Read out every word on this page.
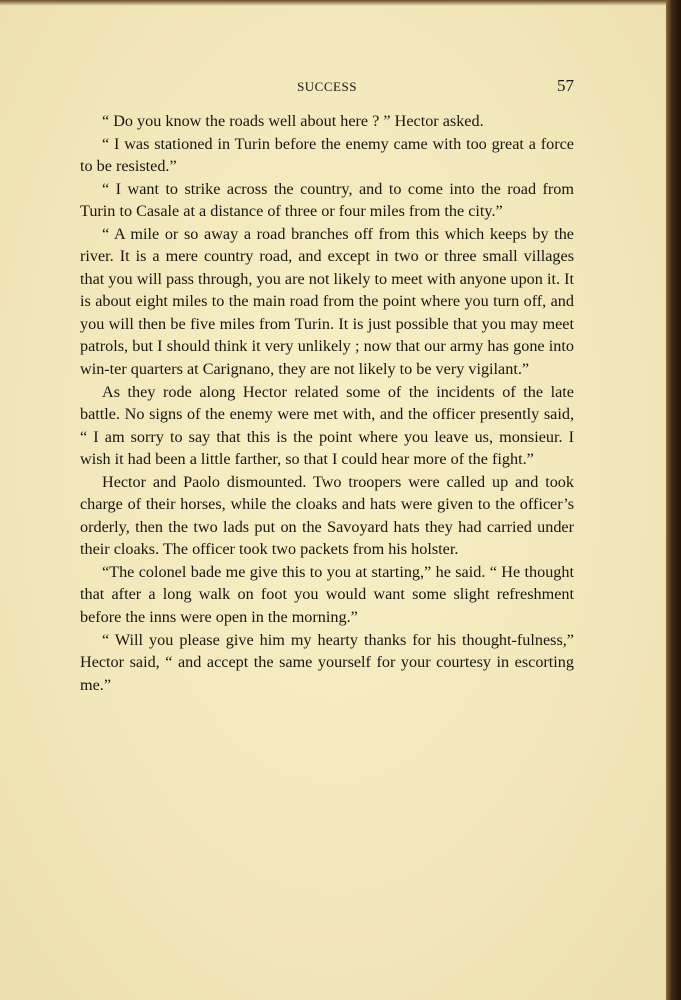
SUCCESS	57

“ Do you know the roads well about here ? ” Hector asked.

“ I was stationed in Turin before the enemy came with too great a force to be resisted.”

“ I want to strike across the country, and to come into the road from Turin to Casale at a distance of three or four miles from the city.”

“ A mile or so away a road branches off from this which keeps by the river. It is a mere country road, and except in two or three small villages that you will pass through, you are not likely to meet with anyone upon it. It is about eight miles to the main road from the point where you turn off, and you will then be five miles from Turin. It is just possible that you may meet patrols, but I should think it very unlikely ; now that our army has gone into win-ter quarters at Carignano, they are not likely to be very vigilant.”

As they rode along Hector related some of the incidents of the late battle. No signs of the enemy were met with, and the officer presently said, “ I am sorry to say that this is the point where you leave us, monsieur. I wish it had been a little farther, so that I could hear more of the fight.”

Hector and Paolo dismounted. Two troopers were called up and took charge of their horses, while the cloaks and hats were given to the officer’s orderly, then the two lads put on the Savoyard hats they had carried under their cloaks. The officer took two packets from his holster.

“The colonel bade me give this to you at starting,” he said. “ He thought that after a long walk on foot you would want some slight refreshment before the inns were open in the morning.”

“ Will you please give him my hearty thanks for his thought-fulness,” Hector said, “ and accept the same yourself for your courtesy in escorting me.”
